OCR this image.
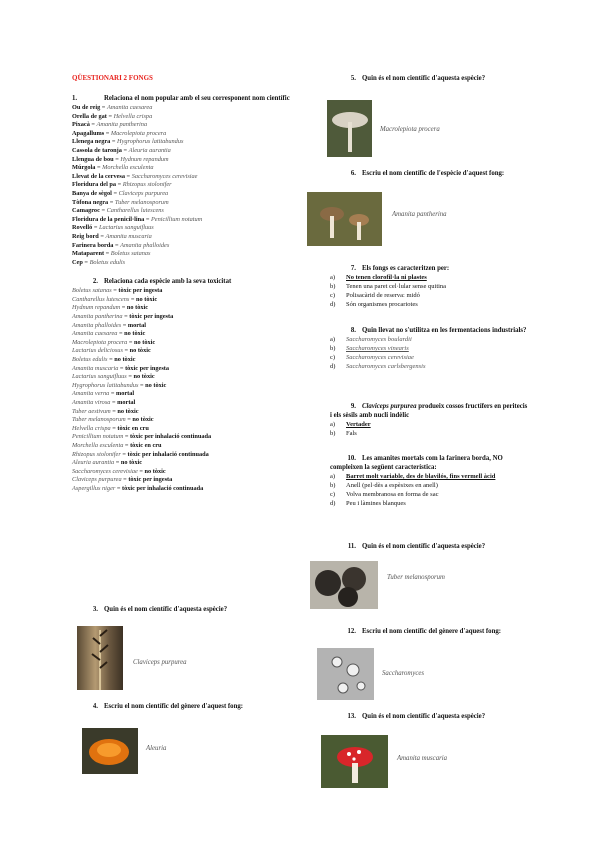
QÜESTIONARI 2 FONGS
1.	Relaciona el nom popular amb el seu corresponent nom científic
Ou de reig = Amanita caesarea
Orella de gat = Helvella crispa
Pixacà = Amanita pantherina
Apagallums = Macrolepiota procera
Llenega negra = Hygrophorus latitabundus
Cassola de taronja = Aleuria aurantia
Llengua de bou = Hydnum repandum
Múrgola = Morchella esculenta
Llevat de la cervesa = Saccharomyces cerevisiae
Floridura del pa = Rhizopus stolonifer
Banya de sègol = Claviceps purpurea
Tòfona negra = Tuber melanosporum
Camagroc = Cantharellus lutescens
Floridura de la penicil·lina = Penicillium notatum
Rovelló = Lactarius sanguifluus
Reig bord = Amanita muscaria
Farinera borda = Amanita phalloides
Mataparent = Boletus satanas
Cep = Boletus edulis
2. Relaciona cada espècie amb la seva toxicitat
Boletus satanas = tòxic per ingesta
Cantharellus lutescens = no tòxic
Hydnum repandum = no tòxic
Amanita pantherina = tòxic per ingesta
Amanita phalloides = mortal
Amanita caesarea = no tòxic
Macrolepiota procera = no tòxic
Lactarius deliciosus = no tòxic
Boletus edulis = no tòxic
Amanita muscaria = tòxic per ingesta
Lactarius sanguifluus = no tòxic
Hygrophorus latitabundus = no tòxic
Amanita verna = mortal
Amanita virosa = mortal
Tuber aestivum = no tòxic
Tuber melanosporum = no tòxic
Helvella crispa = tòxic en cru
Penicillium notatum = tòxic per inhalació continuada
Morchella esculenta = tòxic en cru
Rhizopus stolonifer = tòxic per inhalació continuada
Aleuria aurantia = no tòxic
Saccharomyces cerevisiae = no tòxic
Claviceps purpurea = tòxic per ingesta
Aspergillus niger = tòxic per inhalació continuada
3. Quin és el nom científic d'aquesta espècie?
Claviceps purpurea
4. Escriu el nom científic del gènere d'aquest fong:
Aleuria
5. Quin és el nom científic d'aquesta espècie?
Macrolepiota procera
6. Escriu el nom científic de l'espècie d'aquest fong:
Amanita pantherina
7. Els fongs es caracteritzen per:
a) No tenen clorofil·la ni plastes
b) Tenen una paret cel·lular sense quitina
c) Polisacàrid de reserva: midó
d) Són organismes procariotes
8. Quin llevat no s'utilitza en les fermentacions industrials?
a) Saccharomyces boulardii
b) Saccharomyces vinearis
c) Saccharomyces cerevisiae
d) Saccharomyces carlsbergensis
9. Claviceps purpurea produeix cossos fructífers en peritecis i els sèsils amb nucli indèlic
a) Vertader
b) Fals
10. Les amanites mortals com la farinera borda, NO compleixen la següent característica:
a) Barret molt variable, des de blavilós, fins vermell àcid
b) Anell (pel·dès a espèsixes en anell)
c) Volva membranosa en forma de sac
d) Peu i làmines blanques
11. Quin és el nom científic d'aquesta espècie?
Tuber melanosporum
12. Escriu el nom científic del gènere d'aquest fong:
Saccharomyces
13. Quin és el nom científic d'aquesta espècie?
Amanita muscaria
